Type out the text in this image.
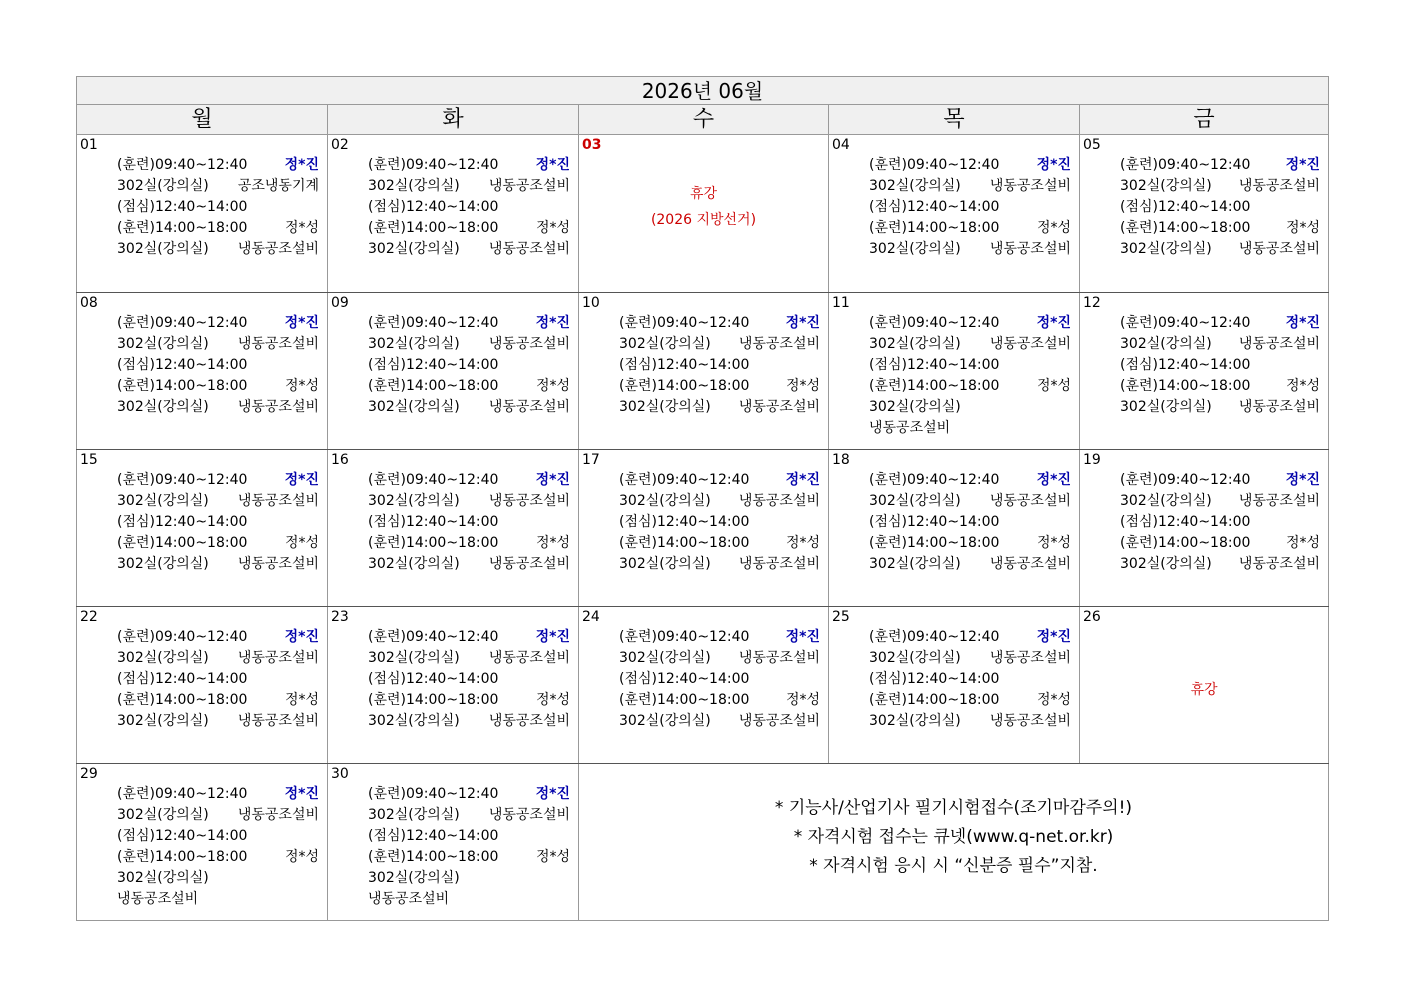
2026년 06월
월	화	수	목	금
01
(훈련)09:40~12:40	정*진
302실(강의실) 공조냉동기계
(점심)12:40~14:00
(훈련)14:00~18:00	정*성
302실(강의실) 냉동공조설비
02
(훈련)09:40~12:40	정*진
302실(강의실) 냉동공조설비
(점심)12:40~14:00
(훈련)14:00~18:00	정*성
302실(강의실) 냉동공조설비
03
휴강
(2026 지방선거)
04
(훈련)09:40~12:40	정*진
302실(강의실) 냉동공조설비
(점심)12:40~14:00
(훈련)14:00~18:00	정*성
302실(강의실) 냉동공조설비
05
(훈련)09:40~12:40	정*진
302실(강의실) 냉동공조설비
(점심)12:40~14:00
(훈련)14:00~18:00	정*성
302실(강의실) 냉동공조설비
08
(훈련)09:40~12:40	정*진
302실(강의실) 냉동공조설비
(점심)12:40~14:00
(훈련)14:00~18:00	정*성
302실(강의실) 냉동공조설비
09
(훈련)09:40~12:40	정*진
302실(강의실) 냉동공조설비
(점심)12:40~14:00
(훈련)14:00~18:00	정*성
302실(강의실) 냉동공조설비
10
(훈련)09:40~12:40	정*진
302실(강의실) 냉동공조설비
(점심)12:40~14:00
(훈련)14:00~18:00	정*성
302실(강의실) 냉동공조설비
11
(훈련)09:40~12:40	정*진
302실(강의실) 냉동공조설비
(점심)12:40~14:00
(훈련)14:00~18:00	정*성
302실(강의실)
냉동공조설비
12
(훈련)09:40~12:40	정*진
302실(강의실) 냉동공조설비
(점심)12:40~14:00
(훈련)14:00~18:00	정*성
302실(강의실) 냉동공조설비
15
(훈련)09:40~12:40	정*진
302실(강의실) 냉동공조설비
(점심)12:40~14:00
(훈련)14:00~18:00	정*성
302실(강의실) 냉동공조설비
16
(훈련)09:40~12:40	정*진
302실(강의실) 냉동공조설비
(점심)12:40~14:00
(훈련)14:00~18:00	정*성
302실(강의실) 냉동공조설비
17
(훈련)09:40~12:40	정*진
302실(강의실) 냉동공조설비
(점심)12:40~14:00
(훈련)14:00~18:00	정*성
302실(강의실) 냉동공조설비
18
(훈련)09:40~12:40	정*진
302실(강의실) 냉동공조설비
(점심)12:40~14:00
(훈련)14:00~18:00	정*성
302실(강의실) 냉동공조설비
19
(훈련)09:40~12:40	정*진
302실(강의실) 냉동공조설비
(점심)12:40~14:00
(훈련)14:00~18:00	정*성
302실(강의실) 냉동공조설비
22
(훈련)09:40~12:40	정*진
302실(강의실) 냉동공조설비
(점심)12:40~14:00
(훈련)14:00~18:00	정*성
302실(강의실) 냉동공조설비
23
(훈련)09:40~12:40	정*진
302실(강의실) 냉동공조설비
(점심)12:40~14:00
(훈련)14:00~18:00	정*성
302실(강의실) 냉동공조설비
24
(훈련)09:40~12:40	정*진
302실(강의실) 냉동공조설비
(점심)12:40~14:00
(훈련)14:00~18:00	정*성
302실(강의실) 냉동공조설비
25
(훈련)09:40~12:40	정*진
302실(강의실) 냉동공조설비
(점심)12:40~14:00
(훈련)14:00~18:00	정*성
302실(강의실) 냉동공조설비
26
휴강
29
(훈련)09:40~12:40	정*진
302실(강의실) 냉동공조설비
(점심)12:40~14:00
(훈련)14:00~18:00	정*성
302실(강의실)
냉동공조설비
30
(훈련)09:40~12:40	정*진
302실(강의실) 냉동공조설비
(점심)12:40~14:00
(훈련)14:00~18:00	정*성
302실(강의실)
냉동공조설비
* 기능사/산업기사 필기시험접수(조기마감주의!)
* 자격시험 접수는 큐넷(www.q-net.or.kr)
* 자격시험 응시 시 “신분증 필수”지참.
